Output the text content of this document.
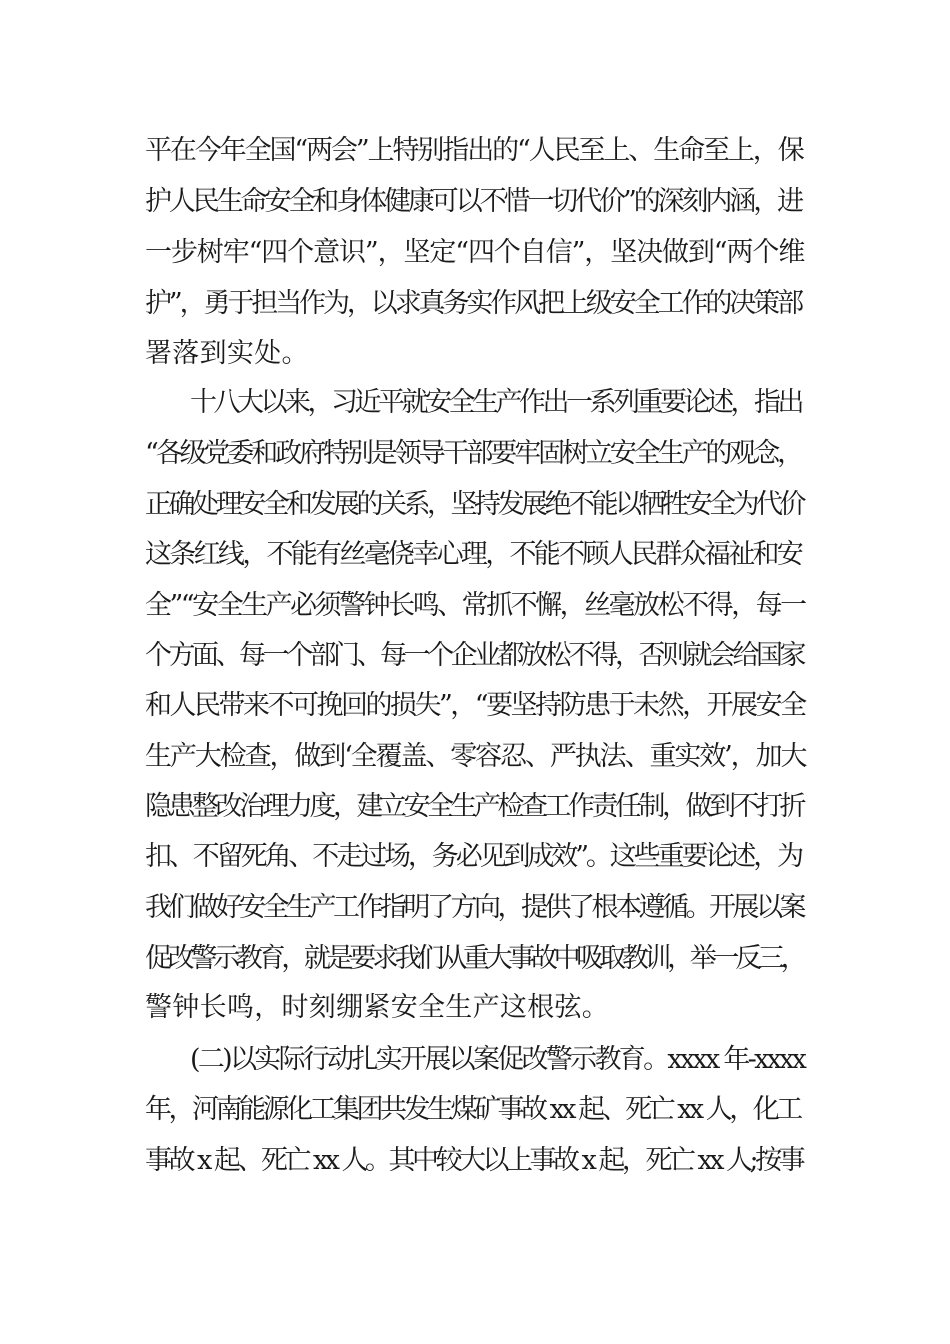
平在今年全国“两会”上特别指出的“人民至上、生命至上，保
护人民生命安全和身体健康可以不惜一切代价”的深刻内涵，进
一步树牢“四个意识”，坚定“四个自信”，坚决做到“两个维
护”，勇于担当作为，以求真务实作风把上级安全工作的决策部
署落到实处。
十八大以来，习近平就安全生产作出一系列重要论述，指出
“各级党委和政府特别是领导干部要牢固树立安全生产的观念，
正确处理安全和发展的关系，坚持发展绝不能以牺牲安全为代价
这条红线，不能有丝毫侥幸心理，不能不顾人民群众福祉和安
全”“安全生产必须警钟长鸣、常抓不懈，丝毫放松不得，每一
个方面、每一个部门、每一个企业都放松不得，否则就会给国家
和人民带来不可挽回的损失”，“要坚持防患于未然，开展安全
生产大检查，做到‘全覆盖、零容忍、严执法、重实效’，加大
隐患整改治理力度，建立安全生产检查工作责任制，做到不打折
扣、不留死角、不走过场，务必见到成效”。这些重要论述，为
我们做好安全生产工作指明了方向，提供了根本遵循。开展以案
促改警示教育，就是要求我们从重大事故中吸取教训，举一反三，
警钟长鸣，时刻绷紧安全生产这根弦。
(二)以实际行动扎实开展以案促改警示教育。xxxx 年-xxxx
年，河南能源化工集团共发生煤矿事故 xx 起、死亡 xx 人，化工
事故 x 起、死亡 xx 人。其中较大以上事故 x 起，死亡 xx 人;按事
